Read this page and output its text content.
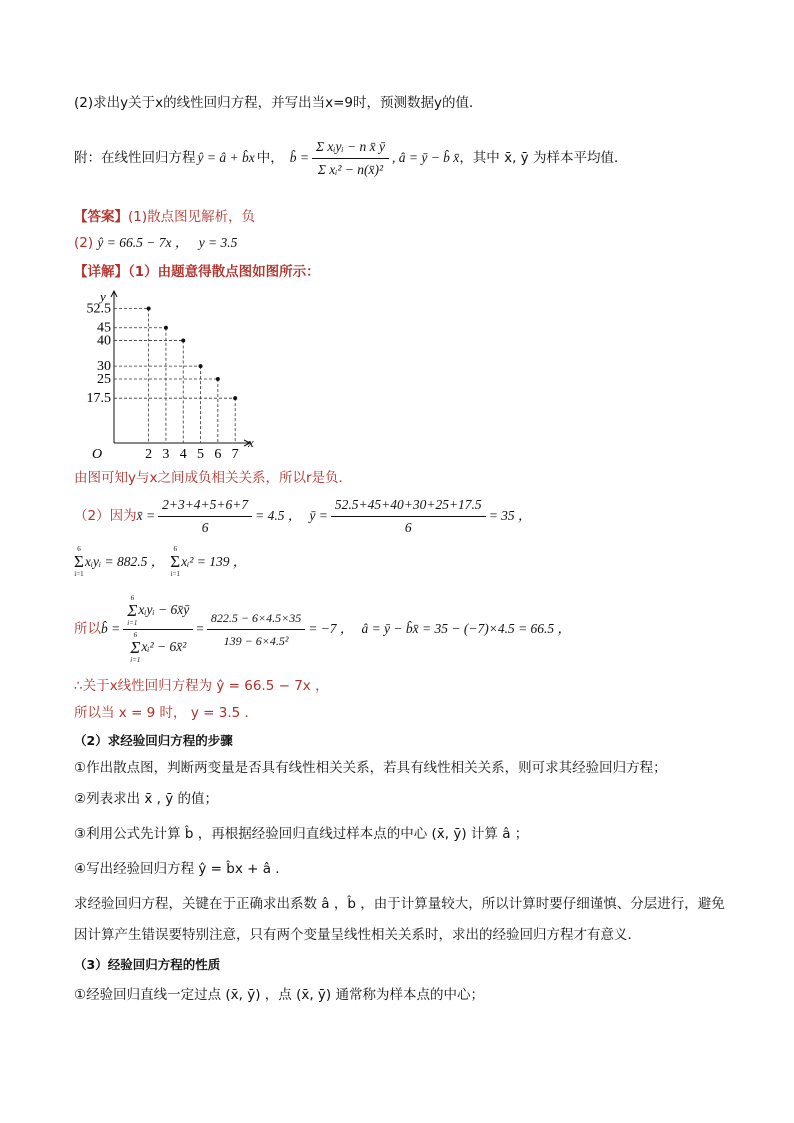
(2)求出y关于x的线性回归方程，并写出当x=9时，预测数据y的值．
附：在线性回归方程 ŷ = â + b̂x 中， b̂ = $\frac{\text{Σ xᵢyᵢ − n x̄ ȳ}}{\text{Σ xᵢ² − n(x̄)²}}$ , â = ȳ − b̂ x̄ ，其中 x̄, ȳ 为样本平均值．
【答案】(1)散点图见解析，负
(2) ŷ = 66.5 − 7x ， y = 3.5
【详解】（1）由题意得散点图如图所示：
x
y
O	2 3 4 5 6 7
17.5
25
30
40
45
52.5
由图可知y与x之间成负相关关系，所以r是负．
（2）因为 x̄ = $\frac{2+3+4+5+6+7}{6} = 4.5$ ， ȳ = $\frac{52.5+45+40+30+25+17.5}{6} = 35$ ，
6
Σ
i=1
xᵢyᵢ = 882.5 ，
6
Σ
i=1
xᵢ² = 139 ，
所以 b̂ = 6
Σ
i=1
xᵢyᵢ − 6x̄ȳ
6
Σ
i=1
xᵢ² − 6x̄² = $\frac{822.5 - 6\times 4.5\times 35}{\text{139 − 6×4.5²}} = -7$ ， â = ȳ − b̂x̄ = 35 − (−7)×4.5 = 66.5 ，
∴关于x线性回归方程为 ŷ = 66.5 − 7x ，
所以当 x = 9 时， y = 3.5 ．
（2）求经验回归方程的步骤
①作出散点图，判断两变量是否具有线性相关关系，若具有线性相关关系，则可求其经验回归方程；
②列表求出 x̄ , ȳ 的值；
③利用公式先计算 b̂ ，再根据经验回归直线过样本点的中心 (x̄, ȳ) 计算 â ；
④写出经验回归方程 ŷ = b̂x + â ．
求经验回归方程，关键在于正确求出系数 â ，b̂ ，由于计算量较大，所以计算时要仔细谨慎、分层进行，避免
因计算产生错误要特别注意，只有两个变量呈线性相关关系时，求出的经验回归方程才有意义．
（3）经验回归方程的性质
①经验回归直线一定过点 (x̄, ȳ) ，点 (x̄, ȳ) 通常称为样本点的中心；
